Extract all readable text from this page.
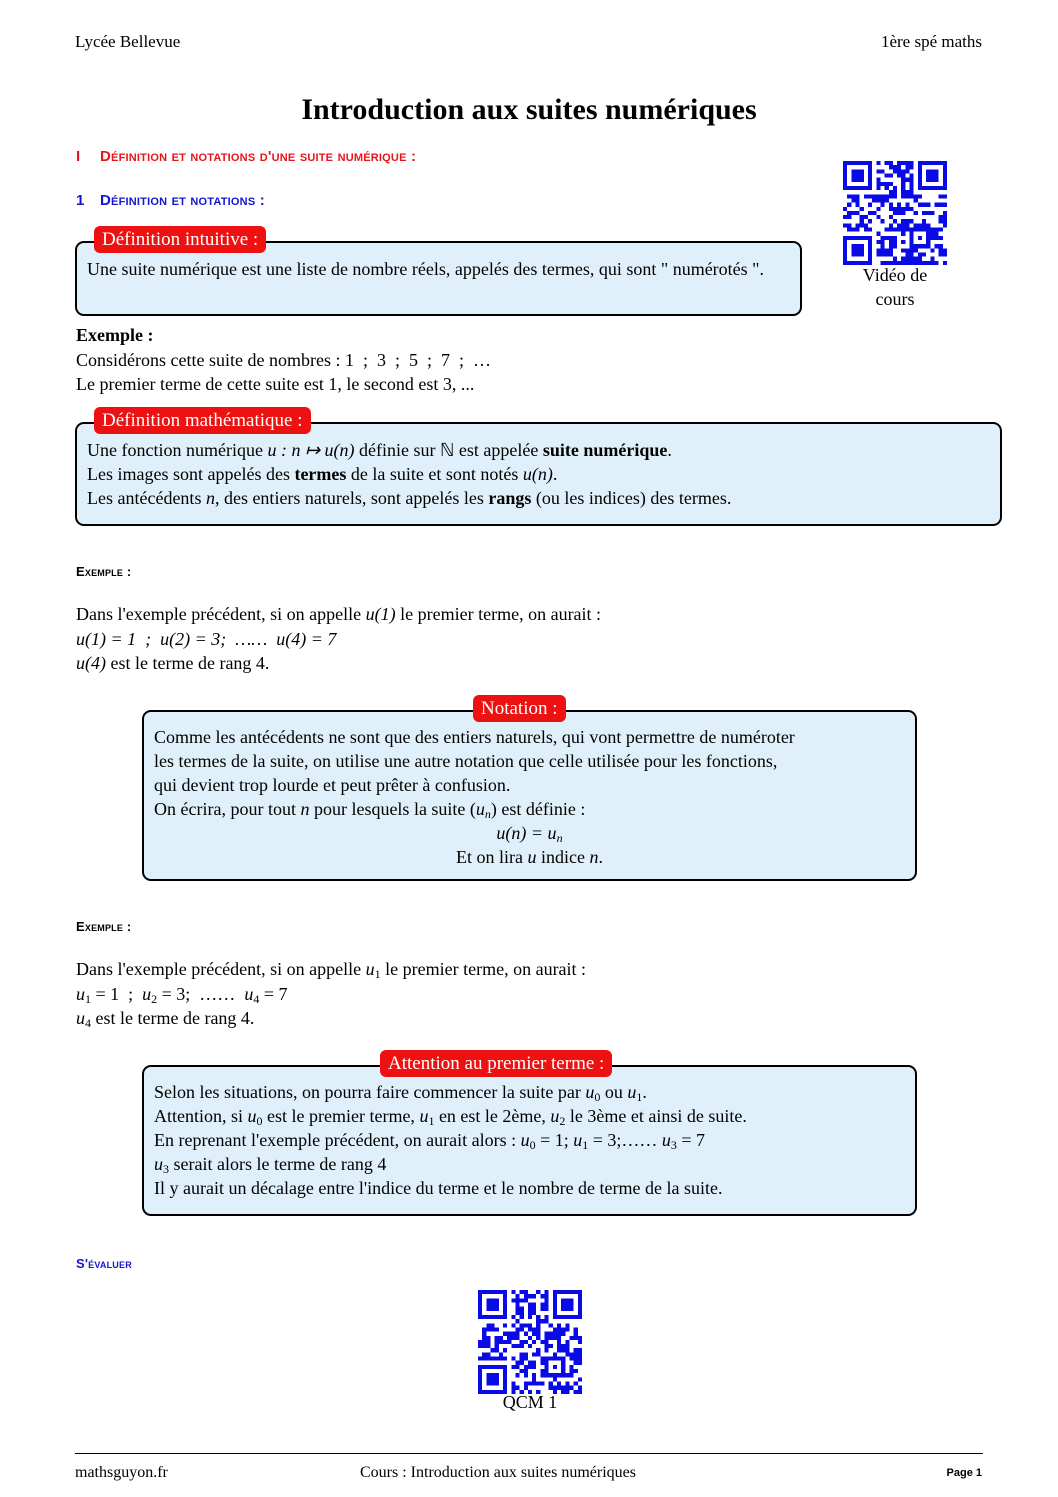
Lycée Bellevue	1ère spé maths
Introduction aux suites numériques
I Définition et notations d'une suite numérique :
1 Définition et notations :
Vidéo de
cours
Définition intuitive :
Une suite numérique est une liste de nombre réels, appelés des termes, qui sont " numérotés ".
Exemple :
Considérons cette suite de nombres : 1  ;  3  ;  5  ;  7  ;  …
Le premier terme de cette suite est 1, le second est 3, ...
Définition mathématique :
Une fonction numérique u : n ↦ u(n) définie sur ℕ est appelée suite numérique.
Les images sont appelés des termes de la suite et sont notés u(n).
Les antécédents n, des entiers naturels, sont appelés les rangs (ou les indices) des termes.
Exemple :
Dans l'exemple précédent, si on appelle u(1) le premier terme, on aurait :
u(1) = 1  ;  u(2) = 3;  ……  u(4) = 7
u(4) est le terme de rang 4.
Notation :
Comme les antécédents ne sont que des entiers naturels, qui vont permettre de numéroter
les termes de la suite, on utilise une autre notation que celle utilisée pour les fonctions,
qui devient trop lourde et peut prêter à confusion.
On écrira, pour tout n pour lesquels la suite $(u_n)$ est définie :
$u(n) = u_n$
Et on lira u indice n.
Exemple :
Dans l'exemple précédent, si on appelle $u_1$ le premier terme, on aurait :
$u_1 = 1$  ;  $u_2 = 3$;  ……  $u_4 = 7$
$u_4$ est le terme de rang 4.
Attention au premier terme :
Selon les situations, on pourra faire commencer la suite par $u_0$ ou $u_1$.
Attention, si $u_0$ est le premier terme, $u_1$ en est le 2ème, $u_2$ le 3ème et ainsi de suite.
En reprenant l'exemple précédent, on aurait alors : $u_0 = 1$; $u_1$ = 3;…… $u_3 = 7$
$u_3$ serait alors le terme de rang 4
Il y aurait un décalage entre l'indice du terme et le nombre de terme de la suite.
S'évaluer
QCM 1
mathsguyon.fr	Cours : Introduction aux suites numériques	Page 1
